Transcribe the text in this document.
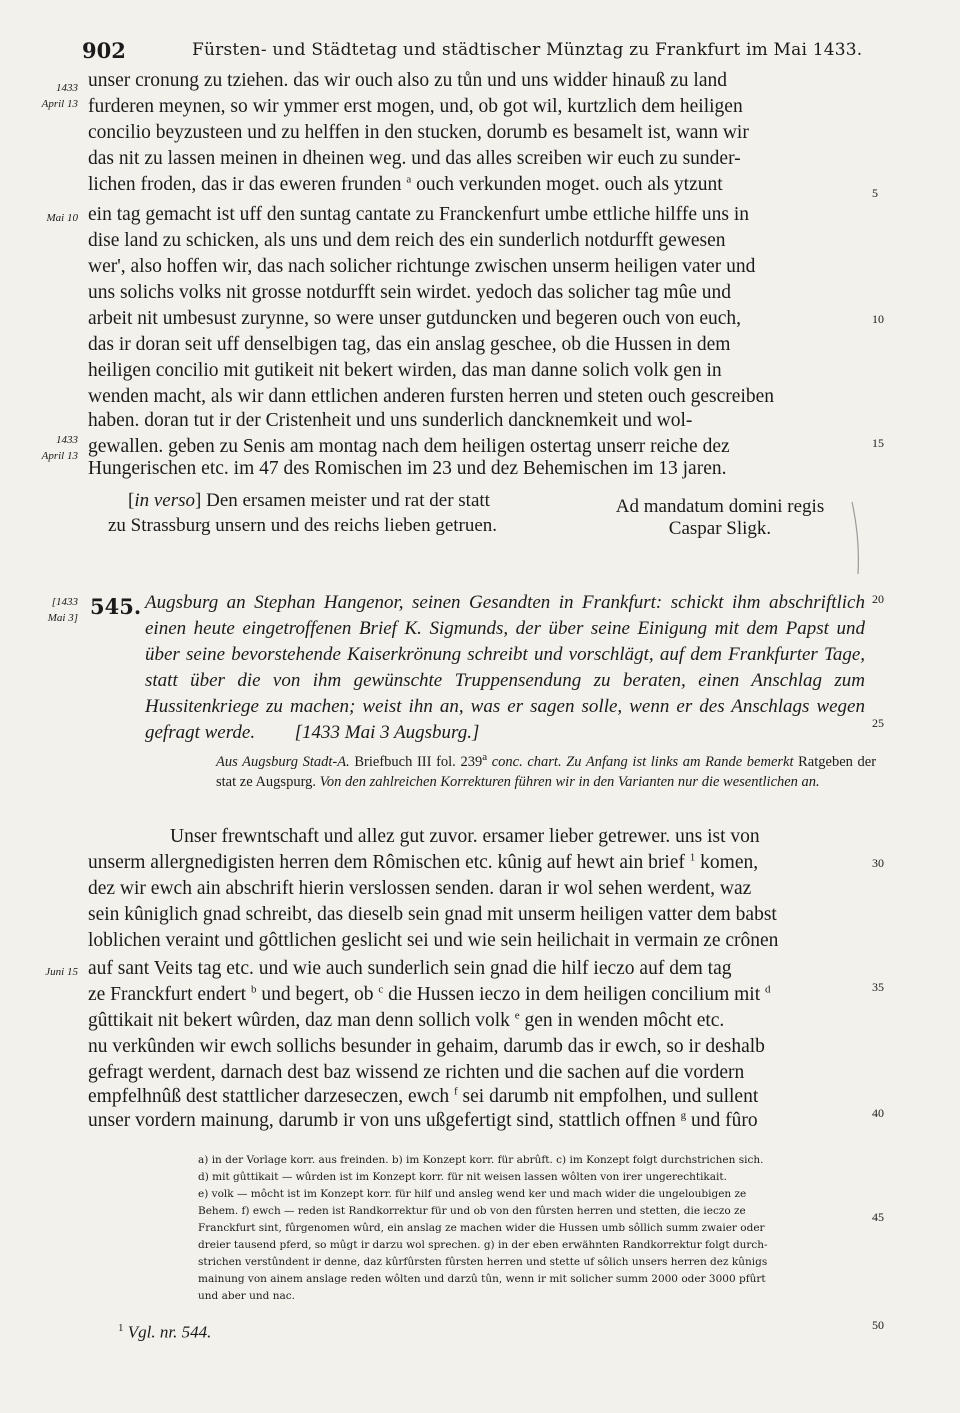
902	Fürsten- und Städtetag und städtischer Münztag zu Frankfurt im Mai 1433.
1433
April 13
Mai 10
1433
April 13
[1433
Mai 3]
Juni 15
5
10
15
20
25
30
35
40
45
50
unser cronung zu tziehen. das wir ouch also zu tůn und uns widder hinauß zu land
furderen meynen, so wir ymmer erst mogen, und, ob got wil, kurtzlich dem heiligen
concilio beyzusteen und zu helffen in den stucken, dorumb es besamelt ist, wann wir
das nit zu lassen meinen in dheinen weg. und das alles screiben wir euch zu sunder-
lichen froden, das ir das eweren frunden $^a$ ouch verkunden moget. ouch als ytzunt
ein tag gemacht ist uff den suntag cantate zu Franckenfurt umbe ettliche hilffe uns in
dise land zu schicken, als uns und dem reich des ein sunderlich notdurfft gewesen
wer', also hoffen wir, das nach solicher richtunge zwischen unserm heiligen vater und
uns solichs volks nit grosse notdurfft sein wirdet. yedoch das solicher tag mûe und
arbeit nit umbesust zurynne, so were unser gutduncken und begeren ouch von euch,
das ir doran seit uff denselbigen tag, das ein anslag geschee, ob die Hussen in dem
heiligen concilio mit gutikeit nit bekert wirden, das man danne solich volk gen in
wenden macht, als wir dann ettlichen anderen fursten herren und steten ouch gescreiben
haben. doran tut ir der Cristenheit und uns sunderlich dancknemkeit und wol-
gewallen. geben zu Senis am montag nach dem heiligen ostertag unserr reiche dez
Hungerischen etc. im 47 des Romischen im 23 und dez Behemischen im 13 jaren.
[in verso] Den ersamen meister und rat der statt zu Strassburg unsern und des reichs lieben getruen.
Ad mandatum domini regis
Caspar Sligk.
545. Augsburg an Stephan Hangenor, seinen Gesandten in Frankfurt: schickt ihm abschriftlich einen heute eingetroffenen Brief K. Sigmunds, der über seine Einigung mit dem Papst und über seine bevorstehende Kaiserkrönung schreibt und vorschlägt, auf dem Frankfurter Tage, statt über die von ihm gewünschte Truppensendung zu beraten, einen Anschlag zum Hussitenkriege zu machen; weist ihn an, was er sagen solle, wenn er des Anschlags wegen gefragt werde. [1433 Mai 3 Augsburg.]

Aus Augsburg Stadt-A. Briefbuch III fol. 239$^a$ conc. chart. Zu Anfang ist links am Rande bemerkt Ratgeben der stat ze Augspurg. Von den zahlreichen Korrekturen führen wir in den Varianten nur die wesentlichen an.
Unser frewntschaft und allez gut zuvor. ersamer lieber getrewer. uns ist von
unserm allergnedigisten herren dem Rômischen etc. kûnig auf hewt ain brief $^1$ komen,
dez wir ewch ain abschrift hierin verslossen senden. daran ir wol sehen werdent, waz
sein kûniglich gnad schreibt, das dieselb sein gnad mit unserm heiligen vatter dem babst
loblichen veraint und gôttlichen geslicht sei und wie sein heilichait in vermain ze crônen
auf sant Veits tag etc. und wie auch sunderlich sein gnad die hilf ieczo auf dem tag
ze Franckfurt endert $^b$ und begert, ob $^c$ die Hussen ieczo in dem heiligen concilium mit $^d$
gûttikait nit bekert wûrden, daz man denn sollich volk $^e$ gen in wenden môcht etc.
nu verkûnden wir ewch sollichs besunder in gehaim, darumb das ir ewch, so ir deshalb
gefragt werdent, darnach dest baz wissend ze richten und die sachen auf die vordern
empfelhnûß dest stattlicher darzeseczen, ewch $^f$ sei darumb nit empfolhen, und sullent
unser vordern mainung, darumb ir von uns ußgefertigt sind, stattlich offnen $^g$ und fûro

a) in der Vorlage korr. aus freinden. b) im Konzept korr. für abrûft. c) im Konzept folgt durchstrichen sich.

d) mit gûttikait — wûrden ist im Konzept korr. für nit weisen lassen wôlten von irer ungerechtikait.

e) volk — môcht ist im Konzept korr. für hilf und ansleg wend ker und mach wider die ungeloubigen ze

Behem. f) ewch — reden ist Randkorrektur für und ob von den fûrsten herren und stetten, die ieczo ze

Franckfurt sint, fûrgenomen wûrd, ein anslag ze machen wider die Hussen umb sôllich summ zwaier oder

dreier tausend pferd, so mûgt ir darzu wol sprechen. g) in der eben erwähnten Randkorrektur folgt durch-

strichen verstûndent ir denne, daz kûrfûrsten fûrsten herren und stette uf sôlich unsers herren dez kûnigs

mainung von ainem anslage reden wôlten und darzû tûn, wenn ir mit solicher summ 2000 oder 3000 pfûrt

und aber und nac.

$^1$ Vgl. nr. 544.
